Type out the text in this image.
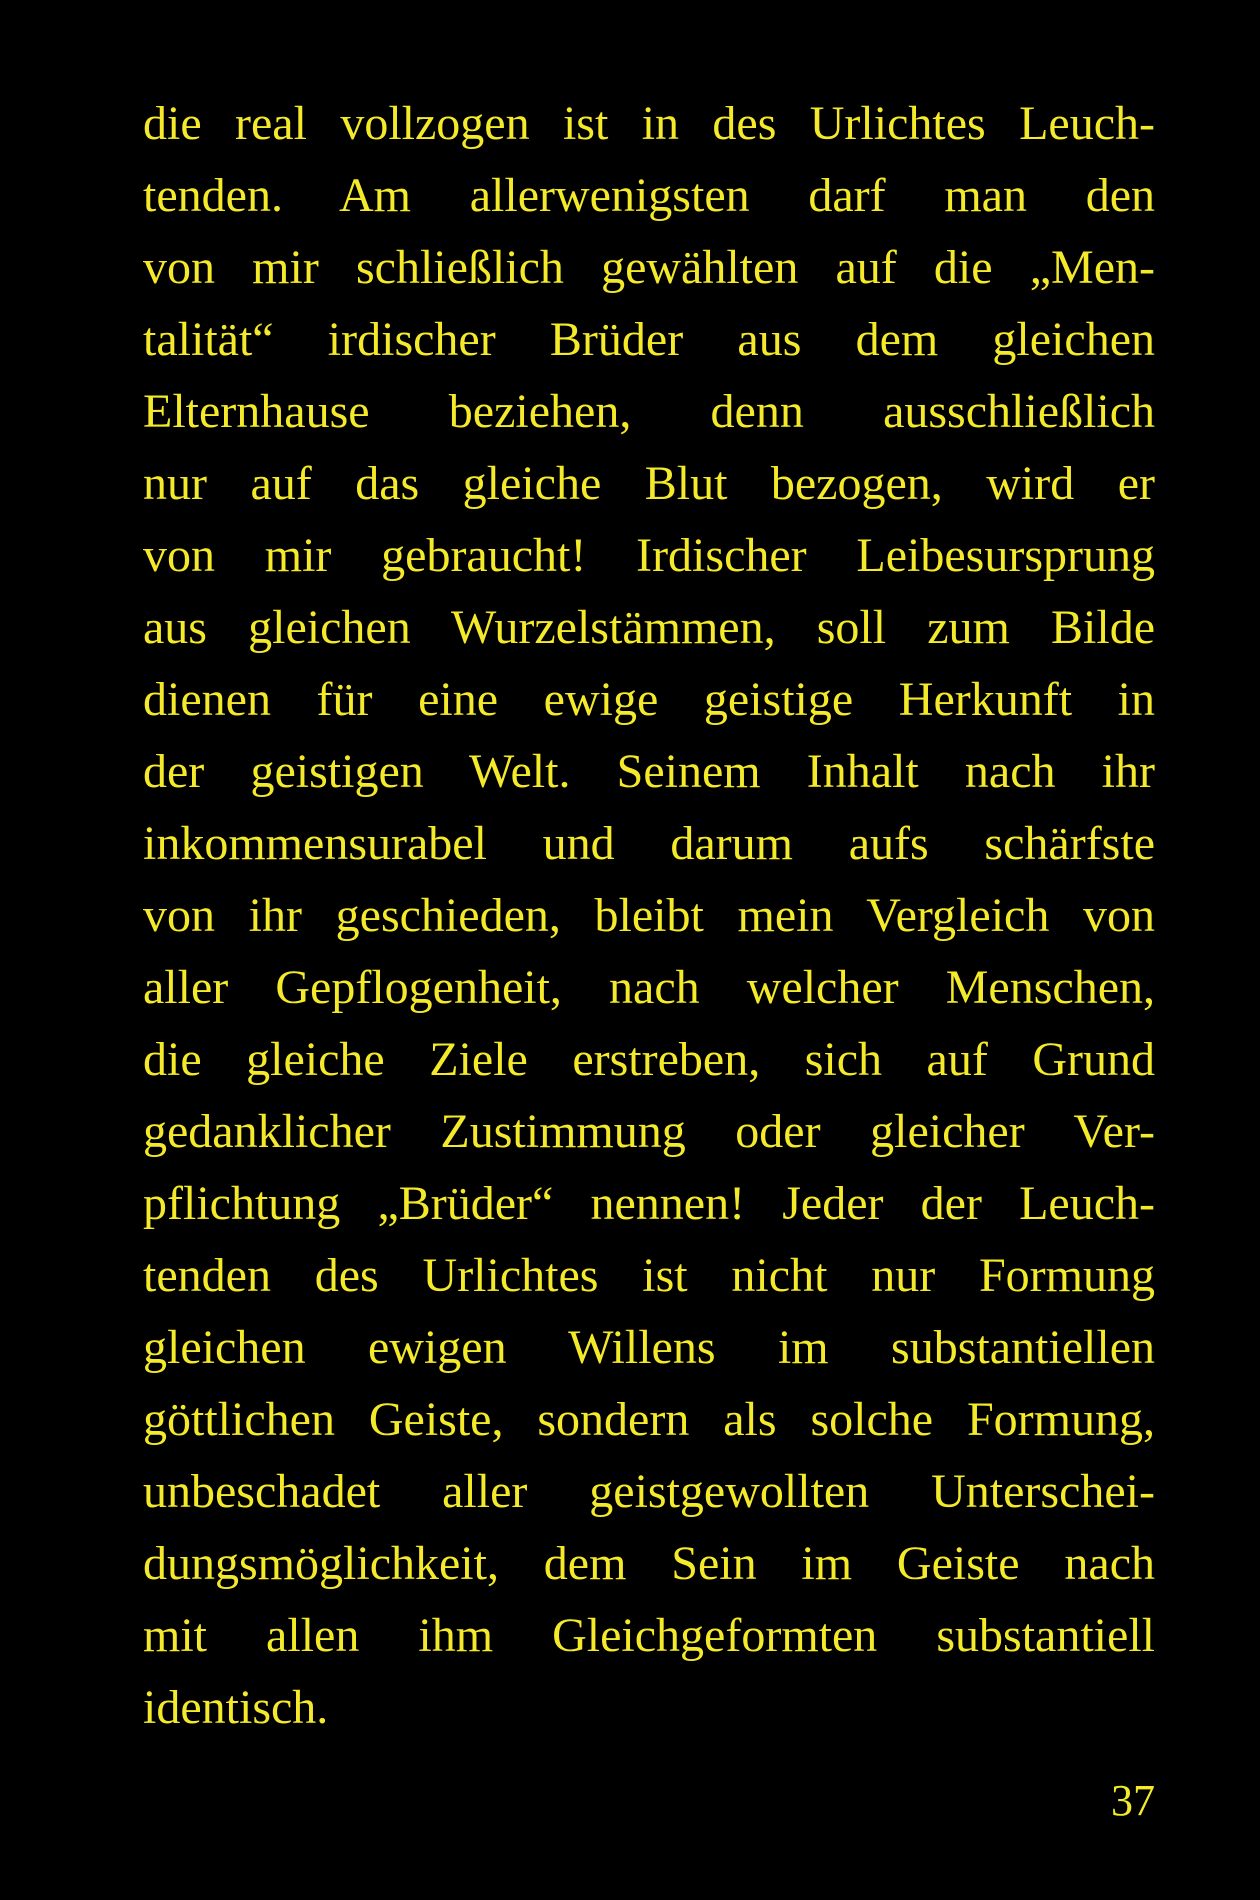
die real vollzogen ist in des Urlichtes Leuch-
tenden. Am allerwenigsten darf man den
von mir schließlich gewählten auf die „Men-
talität“ irdischer Brüder aus dem gleichen
Elternhause beziehen, denn ausschließlich
nur auf das gleiche Blut bezogen, wird er
von mir gebraucht! Irdischer Leibesursprung
aus gleichen Wurzelstämmen, soll zum Bilde
dienen für eine ewige geistige Herkunft in
der geistigen Welt. Seinem Inhalt nach ihr
inkommensurabel und darum aufs schärfste
von ihr geschieden, bleibt mein Vergleich von
aller Gepflogenheit, nach welcher Menschen,
die gleiche Ziele erstreben, sich auf Grund
gedanklicher Zustimmung oder gleicher Ver-
pflichtung „Brüder“ nennen! Jeder der Leuch-
tenden des Urlichtes ist nicht nur Formung
gleichen ewigen Willens im substantiellen
göttlichen Geiste, sondern als solche Formung,
unbeschadet aller geistgewollten Unterschei-
dungsmöglichkeit, dem Sein im Geiste nach
mit allen ihm Gleichgeformten substantiell
identisch.
37
